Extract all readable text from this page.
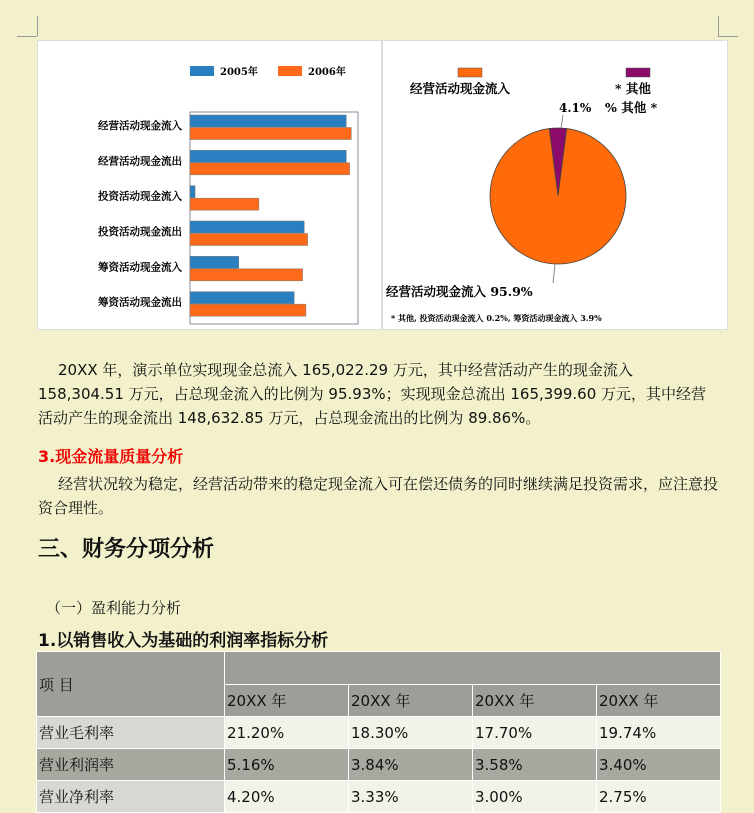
2005年	2006年
经营活动现金流入
经营活动现金流出
投资活动现金流入
投资活动现金流出
筹资活动现金流入
筹资活动现金流出
经营活动现金流入	* 其他
4.1% % 其他 *
经营活动现金流入 95.9%
* 其他, 投资活动现金流入 0.2%, 筹资活动现金流入 3.9%
20XX 年，演示单位实现现金总流入 165,022.29 万元，其中经营活动产生的现金流入 158,304.51 万元，占总现金流入的比例为 95.93%；实现现金总流出 165,399.60 万元，其中经营活动产生的现金流出 148,632.85 万元，占总现金流出的比例为 89.86%。
3.现金流量质量分析
经营状况较为稳定，经营活动带来的稳定现金流入可在偿还债务的同时继续满足投资需求，应注意投资合理性。
三、财务分项分析
（一）盈利能力分析
1.以销售收入为基础的利润率指标分析
项 目				
	20XX 年	20XX 年	20XX 年	20XX 年
营业毛利率	21.20%	18.30%	17.70%	19.74%
营业利润率	5.16%	3.84%	3.58%	3.40%
营业净利率	4.20%	3.33%	3.00%	2.75%
